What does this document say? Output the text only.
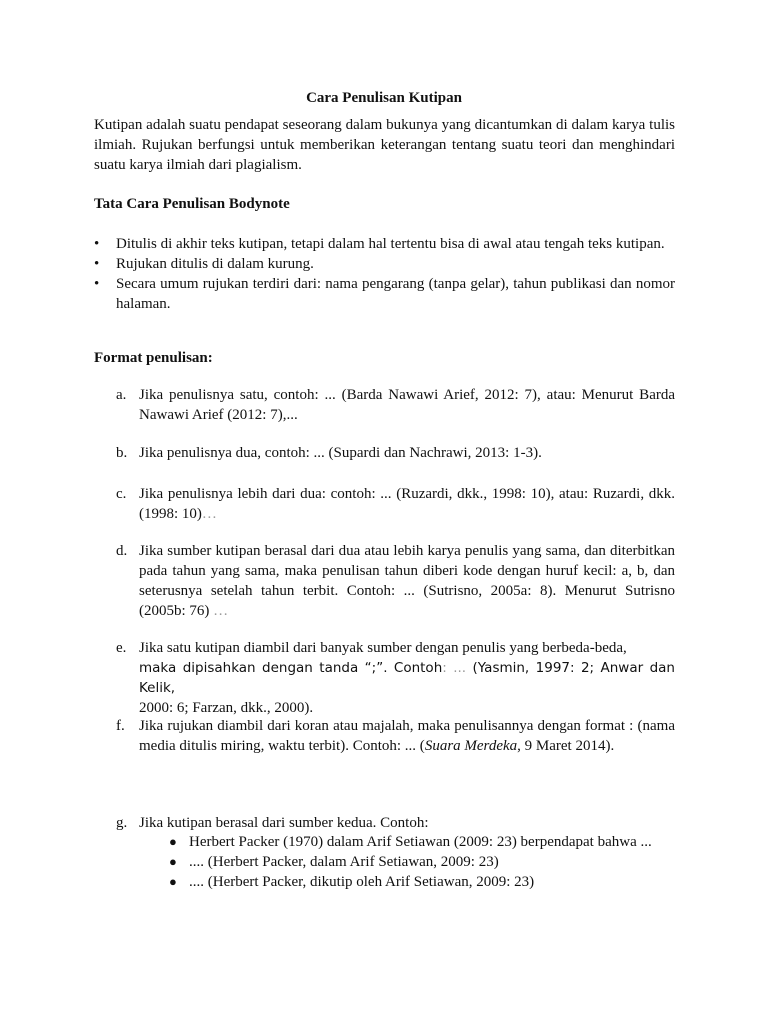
Cara Penulisan Kutipan
Kutipan adalah suatu pendapat seseorang dalam bukunya yang dicantumkan di dalam karya tulis ilmiah. Rujukan berfungsi untuk memberikan keterangan tentang suatu teori dan menghindari suatu karya ilmiah dari plagialism.
Tata Cara Penulisan Bodynote
• Ditulis di akhir teks kutipan, tetapi dalam hal tertentu bisa di awal atau tengah teks kutipan.
• Rujukan ditulis di dalam kurung.
• Secara umum rujukan terdiri dari: nama pengarang (tanpa gelar), tahun publikasi dan nomor halaman.
Format penulisan:
a. Jika penulisnya satu, contoh: ... (Barda Nawawi Arief, 2012: 7), atau: Menurut Barda Nawawi Arief (2012: 7),...
b. Jika penulisnya dua, contoh: ... (Supardi dan Nachrawi, 2013: 1-3).
c. Jika penulisnya lebih dari dua: contoh: ... (Ruzardi, dkk., 1998: 10), atau: Ruzardi, dkk. (1998: 10)…
d. Jika sumber kutipan berasal dari dua atau lebih karya penulis yang sama, dan diterbitkan pada tahun yang sama, maka penulisan tahun diberi kode dengan huruf kecil: a, b, dan seterusnya setelah tahun terbit. Contoh: ... (Sutrisno, 2005a: 8). Menurut Sutrisno (2005b: 76) …
e. Jika satu kutipan diambil dari banyak sumber dengan penulis yang berbeda-beda,
maka dipisahkan dengan tanda “;”. Contoh: ... (Yasmin, 1997: 2; Anwar dan Kelik,
2000: 6; Farzan, dkk., 2000).
f. Jika rujukan diambil dari koran atau majalah, maka penulisannya dengan format : (nama media ditulis miring, waktu terbit). Contoh: ... (Suara Merdeka, 9 Maret 2014).
g. Jika kutipan berasal dari sumber kedua. Contoh:
● Herbert Packer (1970) dalam Arif Setiawan (2009: 23) berpendapat bahwa ...
● .... (Herbert Packer, dalam Arif Setiawan, 2009: 23)
● .... (Herbert Packer, dikutip oleh Arif Setiawan, 2009: 23)
